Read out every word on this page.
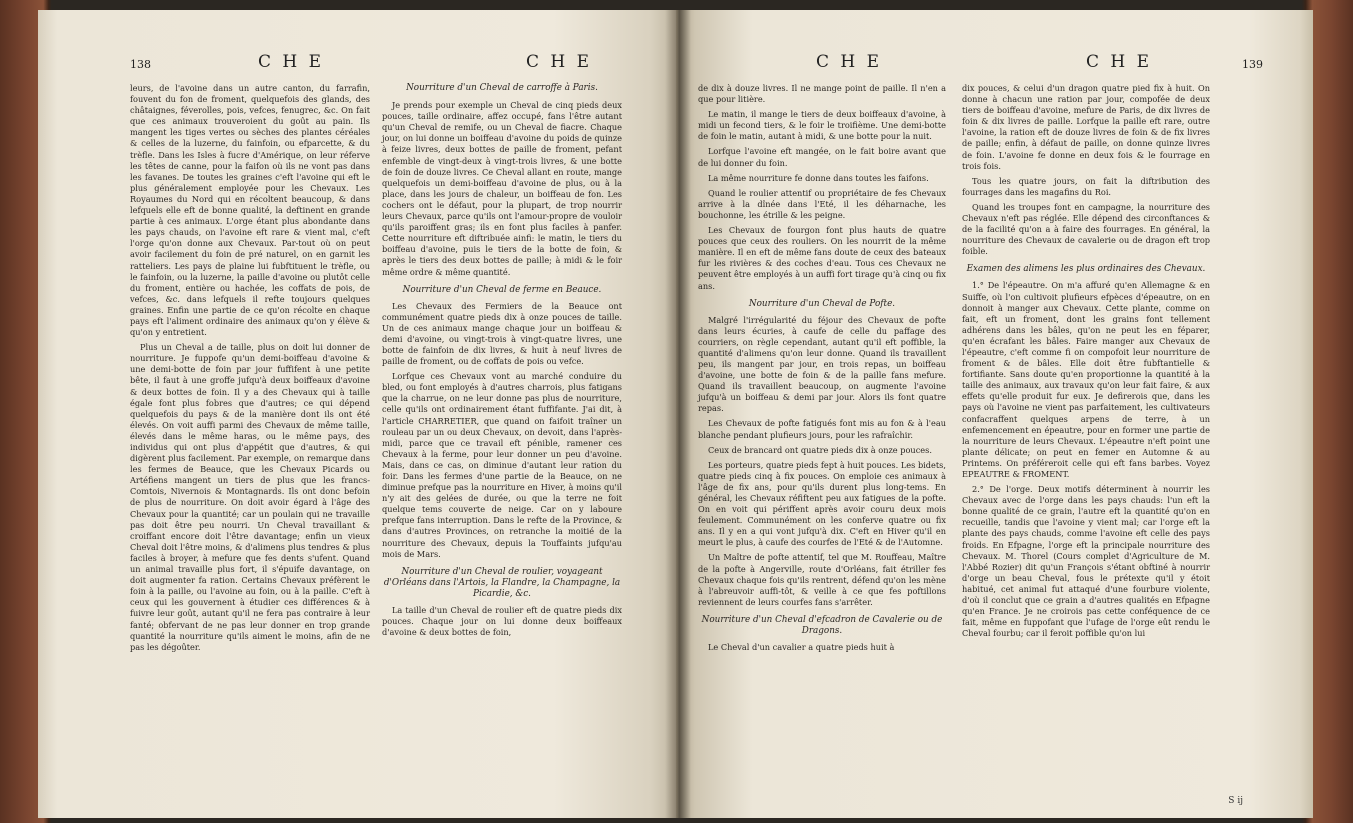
138	C H E	C H E

leurs, de l'avoine dans un autre canton, du farrafin, fouvent du fon de froment, quelquefois des glands, des châtaignes, féverolles, pois, vefces, fenugrec, &c. On fait que ces animaux trouveroient du goût au pain. Ils mangent les tiges vertes ou sèches des plantes céréales & celles de la luzerne, du fainfoin, ou efparcette, & du trèfle. Dans les Isles à fucre d'Amérique, on leur réferve les têtes de canne, pour la faifon où ils ne vont pas dans les favanes. De toutes les graines c'eft l'avoine qui eft le plus généralement employée pour les Chevaux. Les Royaumes du Nord qui en récoltent beaucoup, & dans lefquels elle eft de bonne qualité, la deftinent en grande partie à ces animaux. L'orge étant plus abondante dans les pays chauds, on l'avoine eft rare & vient mal, c'eft l'orge qu'on donne aux Chevaux. Par-tout où on peut avoir facilement du foin de pré naturel, on en garnit les ratteliers. Les pays de plaine lui fubftituent le trèfle, ou le fainfoin, ou la luzerne, la paille d'avoine ou plutôt celle du froment, entière ou hachée, les coffats de pois, de vefces, &c. dans lefquels il refte toujours quelques graines. Enfin une partie de ce qu'on récolte en chaque pays eft l'aliment ordinaire des animaux qu'on y élève & qu'on y entretient.

Plus un Cheval a de taille, plus on doit lui donner de nourriture. Je fuppofe qu'un demi-boiffeau d'avoine & une demi-botte de foin par jour fuffifent à une petite bête, il faut à une groffe jufqu'à deux boiffeaux d'avoine & deux bottes de foin. Il y a des Chevaux qui à taille égale font plus fobres que d'autres; ce qui dépend quelquefois du pays & de la manière dont ils ont été élevés. On voit auffi parmi des Chevaux de même taille, élevés dans le même haras, ou le même pays, des individus qui ont plus d'appétit que d'autres, & qui digèrent plus facilement. Par exemple, on remarque dans les fermes de Beauce, que les Chevaux Picards ou Artéfiens mangent un tiers de plus que les francs-Comtois, Nivernois & Montagnards. Ils ont donc befoin de plus de nourriture. On doit avoir égard à l'âge des Chevaux pour la quantité; car un poulain qui ne travaille pas doit être peu nourri. Un Cheval travaillant & croiffant encore doit l'être davantage; enfin un vieux Cheval doit l'être moins, & d'alimens plus tendres & plus faciles à broyer, à mefure que fes dents s'ufent. Quand un animal travaille plus fort, il s'épuife davantage, on doit augmenter fa ration. Certains Chevaux préfèrent le foin à la paille, ou l'avoine au foin, ou à la paille. C'eft à ceux qui les gouvernent à étudier ces différences & à fuivre leur goût, autant qu'il ne fera pas contraire à leur fanté; obfervant de ne pas leur donner en trop grande quantité la nourriture qu'ils aiment le moins, afin de ne pas les dégoûter.

Nourriture d'un Cheval de carroffe à Paris.

Je prends pour exemple un Cheval de cinq pieds deux pouces, taille ordinaire, affez occupé, fans l'être autant qu'un Cheval de remife, ou un Cheval de fiacre. Chaque jour, on lui donne un boiffeau d'avoine du poids de quinze à feize livres, deux bottes de paille de froment, pefant enfemble de vingt-deux à vingt-trois livres, & une botte de foin de douze livres. Ce Cheval allant en route, mange quelquefois un demi-boiffeau d'avoine de plus, ou à la place, dans les jours de chaleur, un boiffeau de fon. Les cochers ont le défaut, pour la plupart, de trop nourrir leurs Chevaux, parce qu'ils ont l'amour-propre de vouloir qu'ils paroiffent gras; ils en font plus faciles à panfer. Cette nourriture eft diftribuée ainfi: le matin, le tiers du boiffeau d'avoine, puis le tiers de la botte de foin, & après le tiers des deux bottes de paille; à midi & le foir même ordre & même quantité.

Nourriture d'un Cheval de ferme en Beauce.

Les Chevaux des Fermiers de la Beauce ont communément quatre pieds dix à onze pouces de taille. Un de ces animaux mange chaque jour un boiffeau & demi d'avoine, ou vingt-trois à vingt-quatre livres, une botte de fainfoin de dix livres, & huit à neuf livres de paille de froment, ou de coffats de pois ou vefce.

Lorfque ces Chevaux vont au marché conduire du bled, ou font employés à d'autres charrois, plus fatigans que la charrue, on ne leur donne pas plus de nourriture, celle qu'ils ont ordinairement étant fuffifante. J'ai dit, à l'article CHARRETIER, que quand on faifoit traîner un rouleau par un ou deux Chevaux, on devoit, dans l'après-midi, parce que ce travail eft pénible, ramener ces Chevaux à la ferme, pour leur donner un peu d'avoine. Mais, dans ce cas, on diminue d'autant leur ration du foir. Dans les fermes d'une partie de la Beauce, on ne diminue prefque pas la nourriture en Hiver, à moins qu'il n'y ait des gelées de durée, ou que la terre ne foit quelque tems couverte de neige. Car on y laboure prefque fans interruption. Dans le refte de la Province, & dans d'autres Provinces, on retranche la moitié de la nourriture des Chevaux, depuis la Touffaints jufqu'au mois de Mars.

Nourriture d'un Cheval de roulier, voyageant d'Orléans dans l'Artois, la Flandre, la Champagne, la Picardie, &c.

La taille d'un Cheval de roulier eft de quatre pieds dix pouces. Chaque jour on lui donne deux boiffeaux d'avoine & deux bottes de foin,

C H E	C H E	139

de dix à douze livres. Il ne mange point de paille. Il n'en a que pour litière.

Le matin, il mange le tiers de deux boiffeaux d'avoine, à midi un fecond tiers, & le foir le troifième. Une demi-botte de foin le matin, autant à midi, & une botte pour la nuit.

Lorfque l'avoine eft mangée, on le fait boire avant que de lui donner du foin.

La même nourriture fe donne dans toutes les faifons.

Quand le roulier attentif ou propriétaire de fes Chevaux arrive à la dînée dans l'Eté, il les déharnache, les bouchonne, les étrille & les peigne.

Les Chevaux de fourgon font plus hauts de quatre pouces que ceux des rouliers. On les nourrit de la même manière. Il en eft de même fans doute de ceux des bateaux fur les rivières & des coches d'eau. Tous ces Chevaux ne peuvent être employés à un auffi fort tirage qu'à cinq ou fix ans.

Nourriture d'un Cheval de Pofte.

Malgré l'irrégularité du féjour des Chevaux de pofte dans leurs écuries, à caufe de celle du paffage des courriers, on règle cependant, autant qu'il eft poffible, la quantité d'alimens qu'on leur donne. Quand ils travaillent peu, ils mangent par jour, en trois repas, un boiffeau d'avoine, une botte de foin & de la paille fans mefure. Quand ils travaillent beaucoup, on augmente l'avoine jufqu'à un boiffeau & demi par jour. Alors ils font quatre repas.

Les Chevaux de pofte fatigués font mis au fon & à l'eau blanche pendant plufieurs jours, pour les rafraîchir.

Ceux de brancard ont quatre pieds dix à onze pouces.

Les porteurs, quatre pieds fept à huit pouces. Les bidets, quatre pieds cinq à fix pouces. On emploie ces animaux à l'âge de fix ans, pour qu'ils durent plus long-tems. En général, les Chevaux réfiftent peu aux fatigues de la pofte. On en voit qui périffent après avoir couru deux mois feulement. Communément on les conferve quatre ou fix ans. Il y en a qui vont jufqu'à dix. C'eft en Hiver qu'il en meurt le plus, à caufe des courfes de l'Eté & de l'Automne.

Un Maître de pofte attentif, tel que M. Rouffeau, Maître de la pofte à Angerville, route d'Orléans, fait étriller fes Chevaux chaque fois qu'ils rentrent, défend qu'on les mène à l'abreuvoir auffi-tôt, & veille à ce que fes poftillons reviennent de leurs courfes fans s'arrêter.

Nourriture d'un Cheval d'efcadron de Cavalerie ou de Dragons.

Le Cheval d'un cavalier a quatre pieds huit à

dix pouces, & celui d'un dragon quatre pied fix à huit. On donne à chacun une ration par jour, compofée de deux tiers de boiffeau d'avoine, mefure de Paris, de dix livres de foin & dix livres de paille. Lorfque la paille eft rare, outre l'avoine, la ration eft de douze livres de foin & de fix livres de paille; enfin, à défaut de paille, on donne quinze livres de foin. L'avoine fe donne en deux fois & le fourrage en trois fois.

Tous les quatre jours, on fait la diftribution des fourrages dans les magafins du Roi.

Quand les troupes font en campagne, la nourriture des Chevaux n'eft pas réglée. Elle dépend des circonftances & de la facilité qu'on a à faire des fourrages. En général, la nourriture des Chevaux de cavalerie ou de dragon eft trop foible.

Examen des alimens les plus ordinaires des Chevaux.

1.° De l'épeautre. On m'a affuré qu'en Allemagne & en Suiffe, où l'on cultivoit plufieurs efpèces d'épeautre, on en donnoit à manger aux Chevaux. Cette plante, comme on fait, eft un froment, dont les grains font tellement adhérens dans les bâles, qu'on ne peut les en féparer, qu'en écrafant les bâles. Faire manger aux Chevaux de l'épeautre, c'eft comme fi on compofoit leur nourriture de froment & de bâles. Elle doit être fubftantielle & fortifiante. Sans doute qu'en proportionne la quantité à la taille des animaux, aux travaux qu'on leur fait faire, & aux effets qu'elle produit fur eux. Je defirerois que, dans les pays où l'avoine ne vient pas parfaitement, les cultivateurs confacraffent quelques arpens de terre, à un enfemencement en épeautre, pour en former une partie de la nourriture de leurs Chevaux. L'épeautre n'eft point une plante délicate; on peut en femer en Automne & au Printems. On préféreroit celle qui eft fans barbes. Voyez EPEAUTRE & FROMENT.

2.° De l'orge. Deux motifs déterminent à nourrir les Chevaux avec de l'orge dans les pays chauds: l'un eft la bonne qualité de ce grain, l'autre eft la quantité qu'on en recueille, tandis que l'avoine y vient mal; car l'orge eft la plante des pays chauds, comme l'avoine eft celle des pays froids. En Efpagne, l'orge eft la principale nourriture des Chevaux. M. Thorel (Cours complet d'Agriculture de M. l'Abbé Rozier) dit qu'un François s'étant obftiné à nourrir d'orge un beau Cheval, fous le prétexte qu'il y étoit habitué, cet animal fut attaqué d'une fourbure violente, d'où il conclut que ce grain a d'autres qualités en Efpagne qu'en France. Je ne croirois pas cette conféquence de ce fait, même en fuppofant que l'ufage de l'orge eût rendu le Cheval fourbu; car il feroit poffible qu'on lui

S ij
